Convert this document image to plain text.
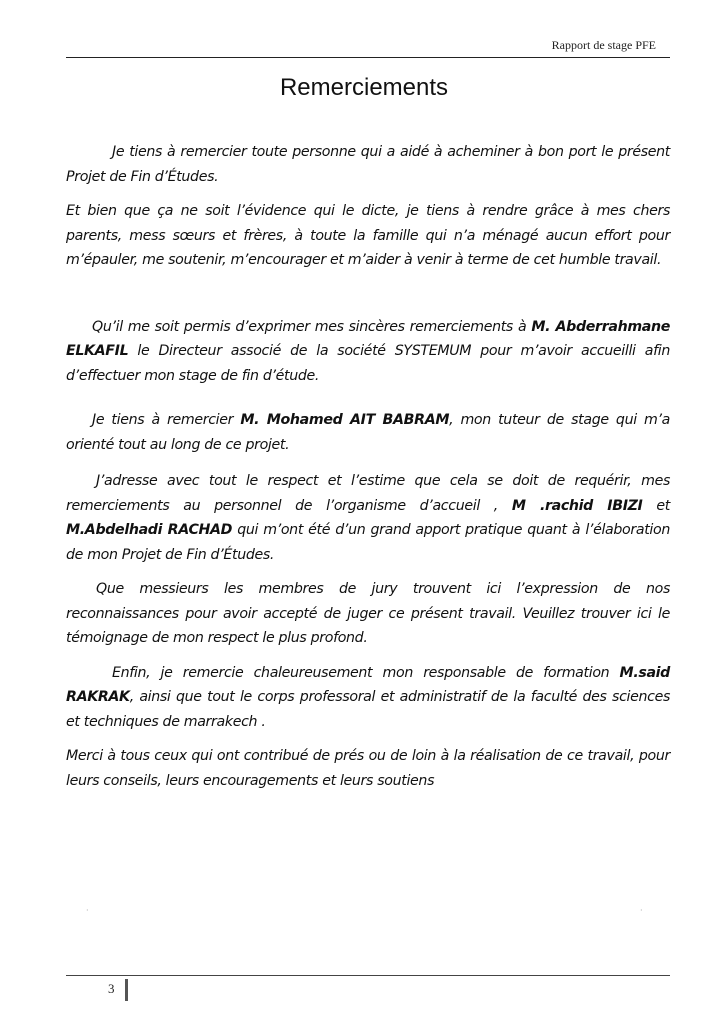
Rapport de stage PFE
Remerciements

Je tiens à remercier toute personne qui a aidé à acheminer à bon port le présent Projet de Fin d’Études.

Et bien que ça ne soit l’évidence qui le dicte, je tiens à rendre grâce à mes chers parents, mess sœurs et frères, à toute la famille qui n’a ménagé aucun effort pour m’épauler, me soutenir, m’encourager et m’aider à venir à terme de cet humble travail.

Qu’il me soit permis d’exprimer mes sincères remerciements à M. Abderrahmane ELKAFIL le Directeur associé de la société SYSTEMUM pour m’avoir accueilli afin d’effectuer mon stage de fin d’étude.

Je tiens à remercier M. Mohamed AIT BABRAM, mon tuteur de stage qui m’a orienté tout au long de ce projet.

J’adresse avec tout le respect et l’estime que cela se doit de requérir, mes remerciements au personnel de l’organisme d’accueil , M .rachid IBIZI et M.Abdelhadi RACHAD qui m’ont été d’un grand apport pratique quant à l’élaboration de mon Projet de Fin d’Études.

Que messieurs les membres de jury trouvent ici l’expression de nos reconnaissances pour avoir accepté de juger ce présent travail. Veuillez trouver ici le témoignage de mon respect le plus profond.

Enfin, je remercie chaleureusement mon responsable de formation M.said RAKRAK, ainsi que tout le corps professoral et administratif de la faculté des sciences et techniques de marrakech .

Merci à tous ceux qui ont contribué de prés ou de loin à la réalisation de ce travail, pour leurs conseils, leurs encouragements et leurs soutiens

·	·
3
